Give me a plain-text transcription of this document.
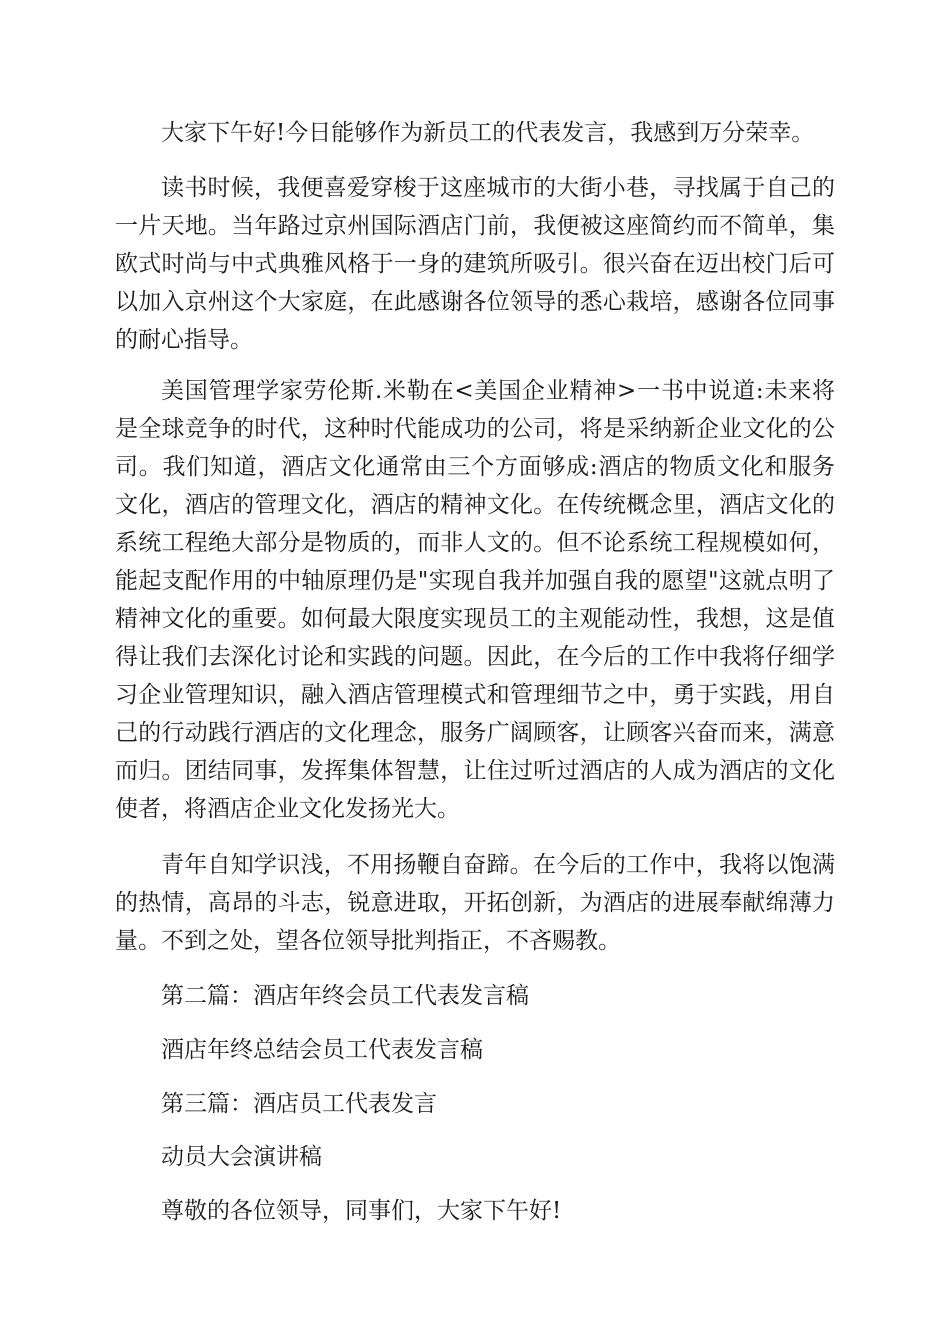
大家下午好!今日能够作为新员工的代表发言，我感到万分荣幸。

读书时候，我便喜爱穿梭于这座城市的大街小巷，寻找属于自己的一片天地。当年路过京州国际酒店门前，我便被这座简约而不简单，集欧式时尚与中式典雅风格于一身的建筑所吸引。很兴奋在迈出校门后可以加入京州这个大家庭，在此感谢各位领导的悉心栽培，感谢各位同事的耐心指导。

美国管理学家劳伦斯.米勒在<美国企业精神>一书中说道:未来将是全球竞争的时代，这种时代能成功的公司，将是采纳新企业文化的公司。我们知道，酒店文化通常由三个方面够成:酒店的物质文化和服务文化，酒店的管理文化，酒店的精神文化。在传统概念里，酒店文化的系统工程绝大部分是物质的，而非人文的。但不论系统工程规模如何，能起支配作用的中轴原理仍是"实现自我并加强自我的愿望"这就点明了精神文化的重要。如何最大限度实现员工的主观能动性，我想，这是值得让我们去深化讨论和实践的问题。因此，在今后的工作中我将仔细学习企业管理知识，融入酒店管理模式和管理细节之中，勇于实践，用自己的行动践行酒店的文化理念，服务广阔顾客，让顾客兴奋而来，满意而归。团结同事，发挥集体智慧，让住过听过酒店的人成为酒店的文化使者，将酒店企业文化发扬光大。

青年自知学识浅，不用扬鞭自奋蹄。在今后的工作中，我将以饱满的热情，高昂的斗志，锐意进取，开拓创新，为酒店的进展奉献绵薄力量。不到之处，望各位领导批判指正，不吝赐教。

第二篇：酒店年终会员工代表发言稿

酒店年终总结会员工代表发言稿

第三篇：酒店员工代表发言

动员大会演讲稿

尊敬的各位领导，同事们，大家下午好!
